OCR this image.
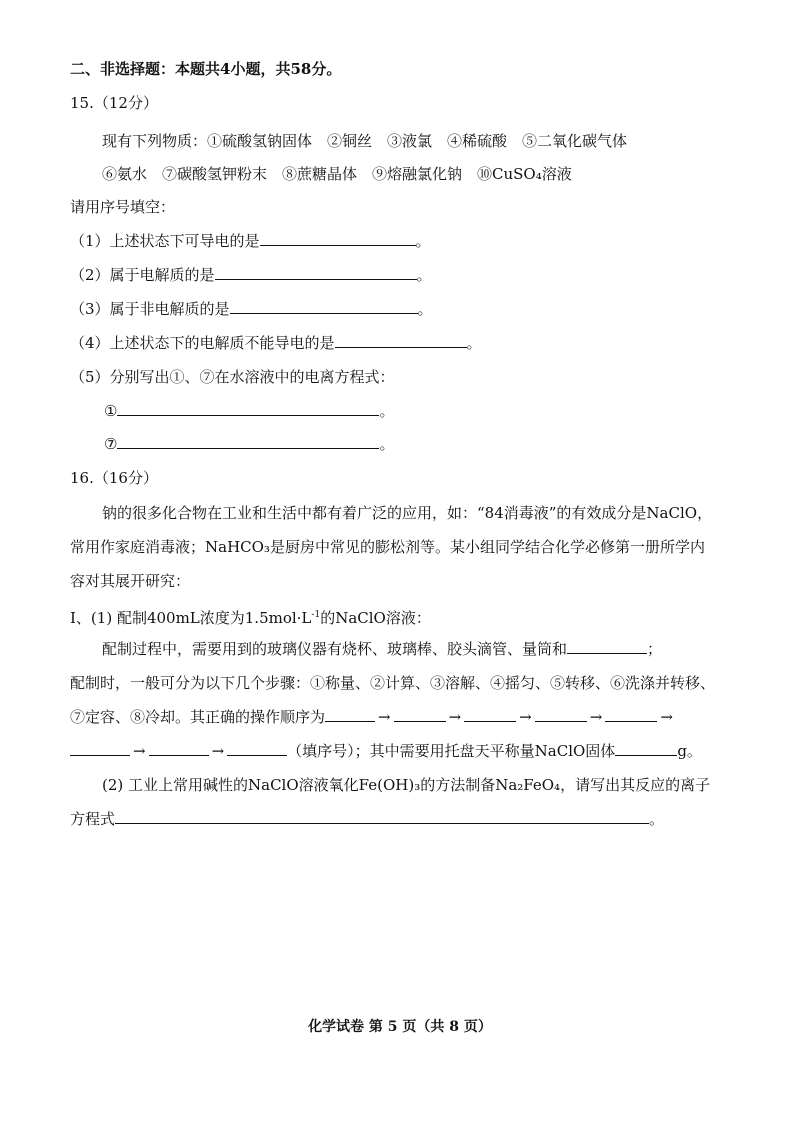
二、非选择题：本题共4小题，共58分。
15.（12分）
现有下列物质：①硫酸氢钠固体　②铜丝　③液氯　④稀硫酸　⑤二氧化碳气体
⑥氨水　⑦碳酸氢钾粉末　⑧蔗糖晶体　⑨熔融氯化钠　⑩CuSO₄溶液
请用序号填空：
（1）上述状态下可导电的是	。
（2）属于电解质的是	。
（3）属于非电解质的是	。
（4）上述状态下的电解质不能导电的是	。
（5）分别写出①、⑦在水溶液中的电离方程式：
①	。
⑦	。
16.（16分）
钠的很多化合物在工业和生活中都有着广泛的应用，如：“84消毒液”的有效成分是NaClO，
常用作家庭消毒液；NaHCO₃是厨房中常见的膨松剂等。某小组同学结合化学必修第一册所学内
容对其展开研究：
Ⅰ、(1) 配制400mL浓度为$1.5mol\cdot L^{-1}$的NaClO溶液：
配制过程中，需要用到的玻璃仪器有烧杯、玻璃棒、胶头滴管、量筒和	；
配制时，一般可分为以下几个步骤：①称量、②计算、③溶解、④摇匀、⑤转移、⑥洗涤并转移、
⑦定容、⑧冷却。其正确的操作顺序为	→	→	→	→	→
→	→	（填序号）；其中需要用托盘天平称量NaClO固体	g。
(2) 工业上常用碱性的NaClO溶液氧化Fe(OH)₃的方法制备Na₂FeO₄，请写出其反应的离子
方程式	。
化学试卷 第 5 页（共 8 页）
